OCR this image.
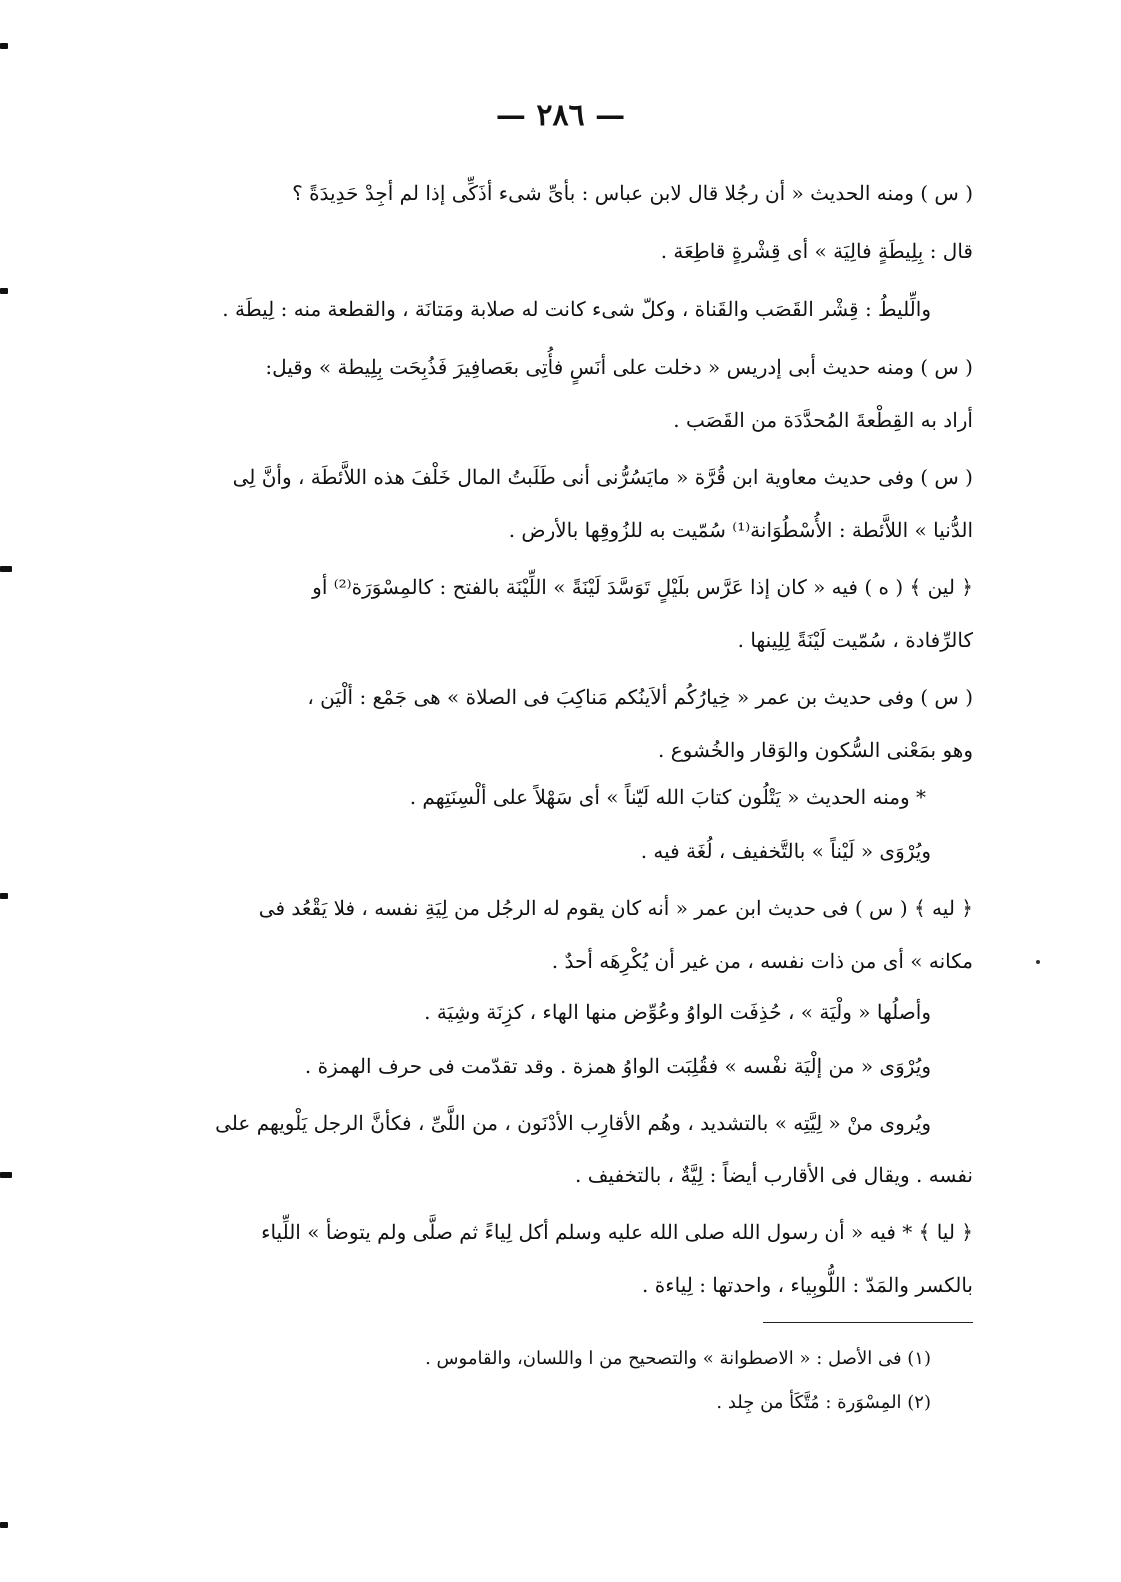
— ٢٨٦ —
( س ) ومنه الحديث « أن رجُلا قال لابن عباس : بأىِّ شىء أذَكِّى إذا لم أجِدْ حَدِيدَةً ؟
قال : بِلِيطَةٍ فالِيَة » أى قِشْرةٍ قاطِعَة .
والِّليطُ : قِشْر القَصَب والقَناة ، وكلّ شىء كانت له صلابة ومَتانَة ، والقطعة منه : لِيطَة .
( س ) ومنه حديث أبى إدريس « دخلت على أنَسٍ فأُتِى بعَصافِيرَ فَذُبِحَت بِلِيطة » وقيل:
أراد به القِطْعةَ المُحدَّدَة من القَصَب .
( س ) وفى حديث معاوية ابن قُرَّة « مايَسُرُّنى أنى طَلَبتُ المال خَلْفَ هذه اللاَّئطَة ، وأنَّ لِى
الدُّنيا » اللاَّئطة : الأُسْطُوَانة⁽¹⁾ سُمّيت به للزُوقِها بالأرض .
﴿ لين ﴾ ( ه ) فيه « كان إذا عَرَّس بلَيْلٍ تَوَسَّدَ لَيْنَةً » اللِّيْنَة بالفتح : كالمِسْوَرَة⁽²⁾ أو
كالرِّفادة ، سُمّيت لَيْنَةً لِلِينها .
( س ) وفى حديث بن عمر « خِيارُكُم ألاَينُكم مَناكِبَ فى الصلاة » هى جَمْع : ألْيَن ،
وهو بمَعْنى السُّكون والوَقار والخُشوع .
* ومنه الحديث « يَتْلُون كتابَ الله لَيّناً » أى سَهْلاً على ألْسِنَتِهم .
ويُرْوَى « لَيْناً » بالتَّخفيف ، لُغَة فيه .
﴿ ليه ﴾ ( س ) فى حديث ابن عمر « أنه كان يقوم له الرجُل من لِيَةِ نفسه ، فلا يَقْعُد فى
مكانه » أى من ذات نفسه ، من غير أن يُكْرِهَه أحدٌ .
وأصلُها « ولْيَة » ، حُذِفَت الواوُ وعُوِّض منها الهاء ، كزِنَة وشِيَة .
ويُرْوَى « من إلْيَة نفْسه » فقُلِبَت الواوُ همزة . وقد تقدّمت فى حرف الهمزة .
ويُروى منْ « لِيَّتِه » بالتشديد ، وهُم الأقارِب الأدْنَون ، من اللَّىِّ ، فكأنَّ الرجل يَلْويهم على
نفسه . ويقال فى الأقارب أيضاً : لِيَّةٌ ، بالتخفيف .
﴿ ليا ﴾ * فيه « أن رسول الله صلى الله عليه وسلم أكل لِياءً ثم صلَّى ولم يتوضأ » اللِّياء
بالكسر والمَدّ : اللُّوبِياء ، واحدتها : لِياءة .
(١) فى الأصل : « الاصطوانة » والتصحيح من ا واللسان، والقاموس .
(٢) المِسْوَرة : مُتَّكَأ من جِلد .
